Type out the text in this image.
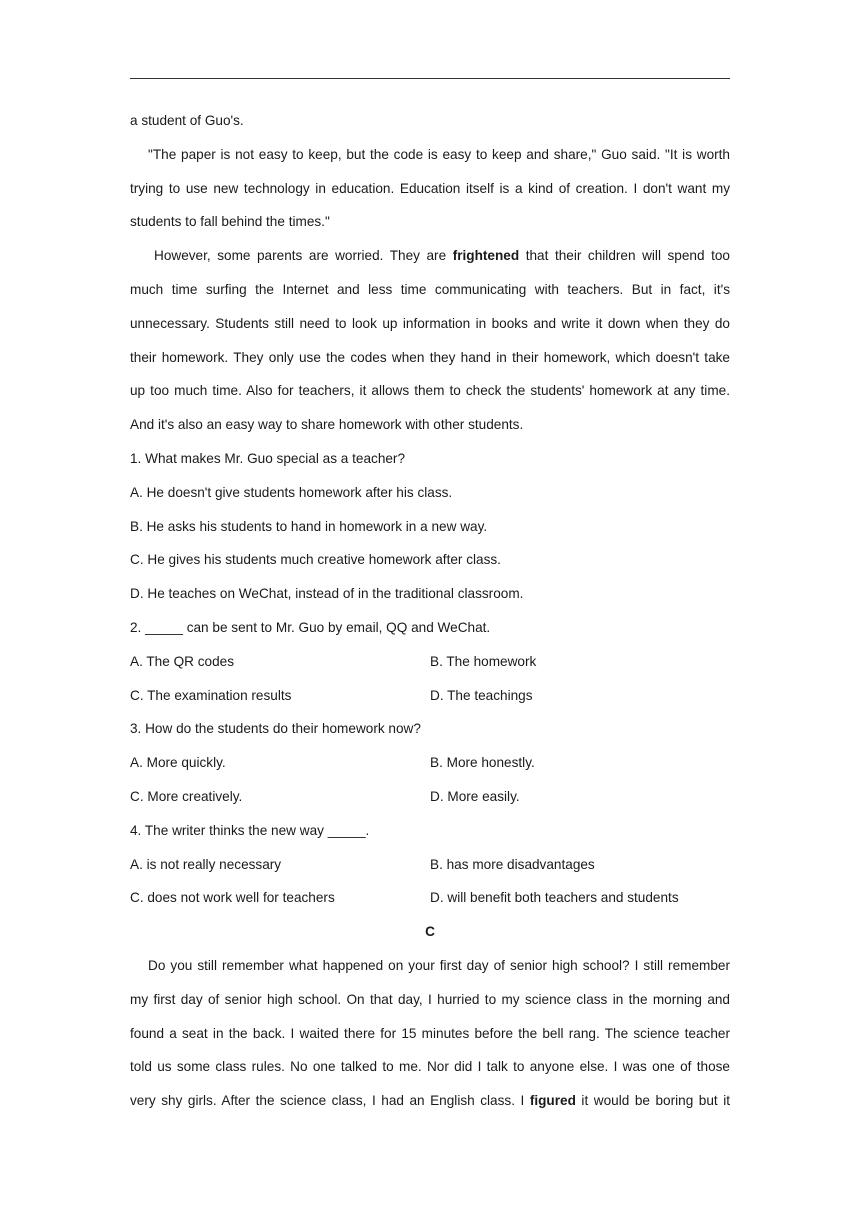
a student of Guo's.
"The paper is not easy to keep, but the code is easy to keep and share," Guo said. "It is worth
trying to use new technology in education. Education itself is a kind of creation. I don't want my
students to fall behind the times."
However, some parents are worried. They are frightened that their children will spend too
much time surfing the Internet and less time communicating with teachers. But in fact, it's
unnecessary. Students still need to look up information in books and write it down when they do
their homework. They only use the codes when they hand in their homework, which doesn't take
up too much time. Also for teachers, it allows them to check the students' homework at any time.
And it's also an easy way to share homework with other students.
1. What makes Mr. Guo special as a teacher?
A. He doesn't give students homework after his class.
B. He asks his students to hand in homework in a new way.
C. He gives his students much creative homework after class.
D. He teaches on WeChat, instead of in the traditional classroom.
2. _____ can be sent to Mr. Guo by email, QQ and WeChat.
A. The QR codes	B. The homework
C. The examination results	D. The teachings
3. How do the students do their homework now?
A. More quickly.	B. More honestly.
C. More creatively.	D. More easily.
4. The writer thinks the new way _____.
A. is not really necessary	B. has more disadvantages
C. does not work well for teachers	D. will benefit both teachers and students
C
Do you still remember what happened on your first day of senior high school? I still remember
my first day of senior high school. On that day, I hurried to my science class in the morning and
found a seat in the back. I waited there for 15 minutes before the bell rang. The science teacher
told us some class rules. No one talked to me. Nor did I talk to anyone else. I was one of those
very shy girls. After the science class, I had an English class. I figured it would be boring but it
